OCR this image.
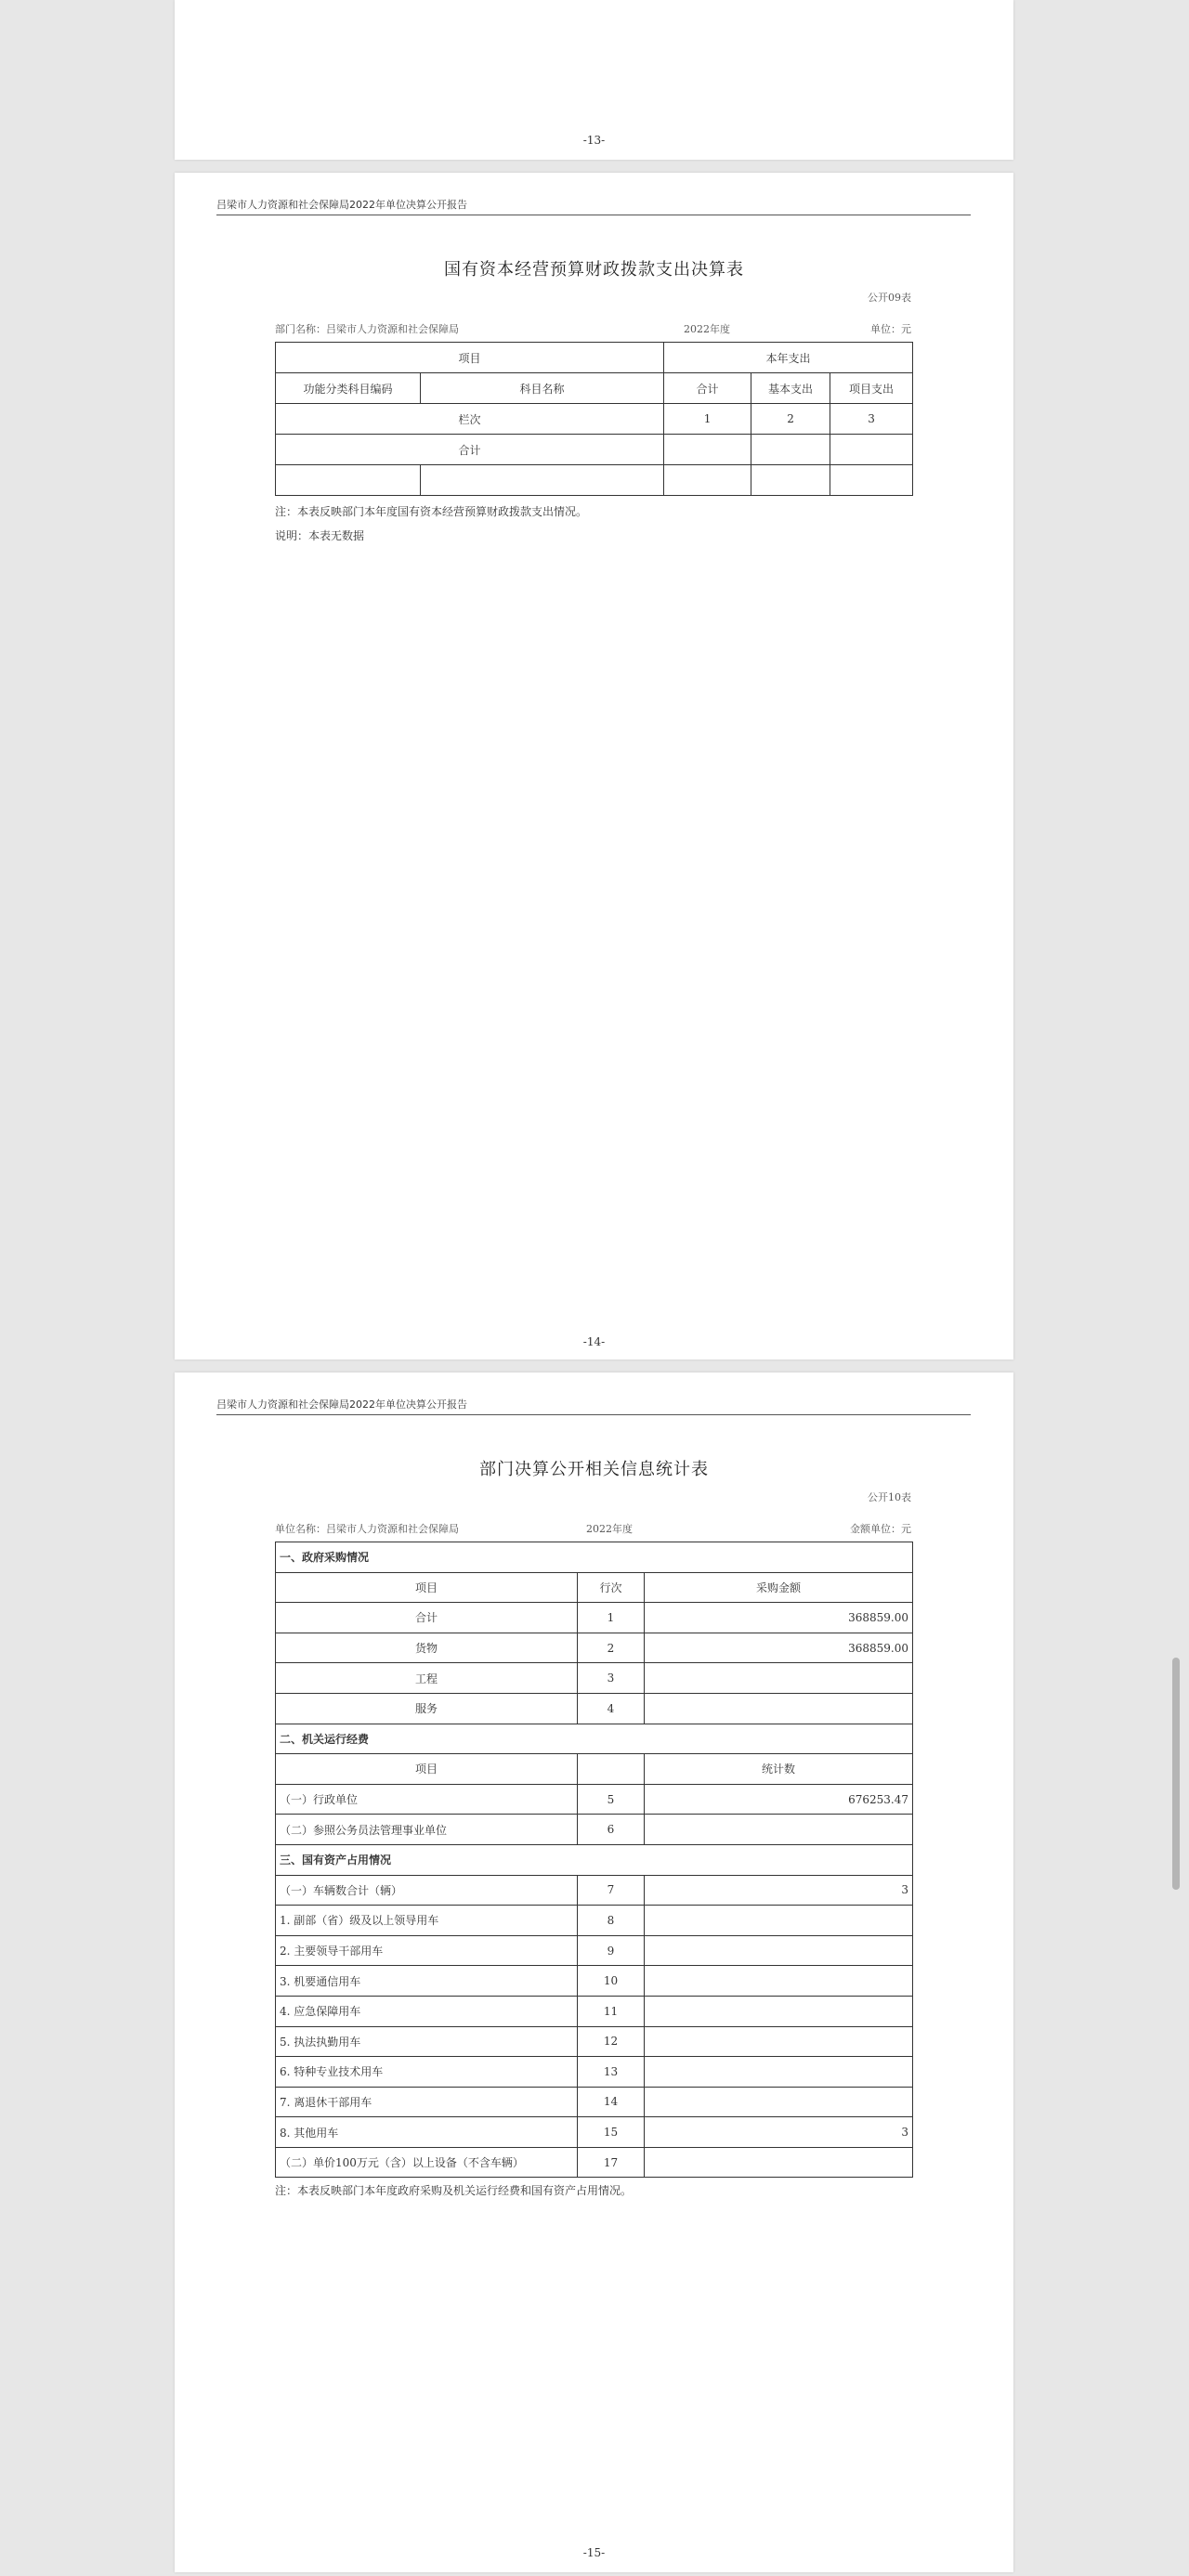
-13-
吕梁市人力资源和社会保障局2022年单位决算公开报告
国有资本经营预算财政拨款支出决算表
公开09表
部门名称：吕梁市人力资源和社会保障局	2022年度	单位：元
项目		本年支出		
功能分类科目编码	科目名称	合计	基本支出	项目支出
栏次		1	2	3
合计				

注：本表反映部门本年度国有资本经营预算财政拨款支出情况。
说明：本表无数据
-14-
吕梁市人力资源和社会保障局2022年单位决算公开报告
部门决算公开相关信息统计表
公开10表
单位名称：吕梁市人力资源和社会保障局	2022年度	金额单位：元
一、政府采购情况		
项目	行次	采购金额
合计	1	368859.00
货物	2	368859.00
工程	3	
服务	4	
二、机关运行经费		
项目		统计数
（一）行政单位	5	676253.47
（二）参照公务员法管理事业单位	6	
三、国有资产占用情况		
（一）车辆数合计（辆）	7	3
1. 副部（省）级及以上领导用车	8	
2. 主要领导干部用车	9	
3. 机要通信用车	10	
4. 应急保障用车	11	
5. 执法执勤用车	12	
6. 特种专业技术用车	13	
7. 离退休干部用车	14	
8. 其他用车	15	3
（二）单价100万元（含）以上设备（不含车辆）	17	
注：本表反映部门本年度政府采购及机关运行经费和国有资产占用情况。
-15-
